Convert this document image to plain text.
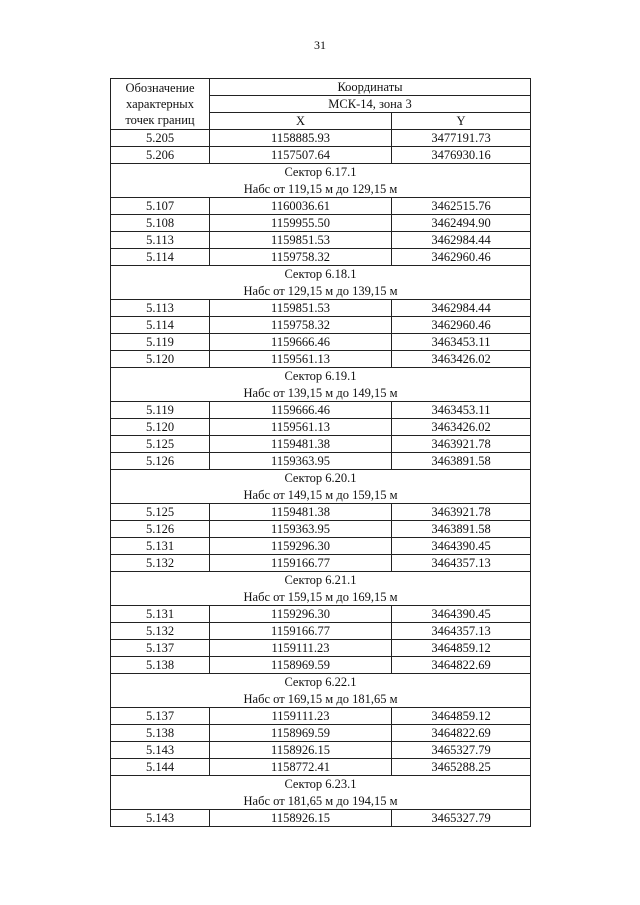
31
Обозначение
характерных
точек границ	Координаты	
	МСК-14, зона 3	
	X	Y
5.205	1158885.93	3477191.73
5.206	1157507.64	3476930.16

Сектор 6.17.1
Набс от 119,15 м до 129,15 м		

5.107	1160036.61	3462515.76
5.108	1159955.50	3462494.90
5.113	1159851.53	3462984.44
5.114	1159758.32	3462960.46

Сектор 6.18.1
Набс от 129,15 м до 139,15 м		

5.113	1159851.53	3462984.44
5.114	1159758.32	3462960.46
5.119	1159666.46	3463453.11
5.120	1159561.13	3463426.02

Сектор 6.19.1
Набс от 139,15 м до 149,15 м		

5.119	1159666.46	3463453.11
5.120	1159561.13	3463426.02
5.125	1159481.38	3463921.78
5.126	1159363.95	3463891.58

Сектор 6.20.1
Набс от 149,15 м до 159,15 м		

5.125	1159481.38	3463921.78
5.126	1159363.95	3463891.58
5.131	1159296.30	3464390.45
5.132	1159166.77	3464357.13

Сектор 6.21.1
Набс от 159,15 м до 169,15 м		

5.131	1159296.30	3464390.45
5.132	1159166.77	3464357.13
5.137	1159111.23	3464859.12
5.138	1158969.59	3464822.69

Сектор 6.22.1
Набс от 169,15 м до 181,65 м		

5.137	1159111.23	3464859.12
5.138	1158969.59	3464822.69
5.143	1158926.15	3465327.79
5.144	1158772.41	3465288.25

Сектор 6.23.1
Набс от 181,65 м до 194,15 м		

5.143	1158926.15	3465327.79
